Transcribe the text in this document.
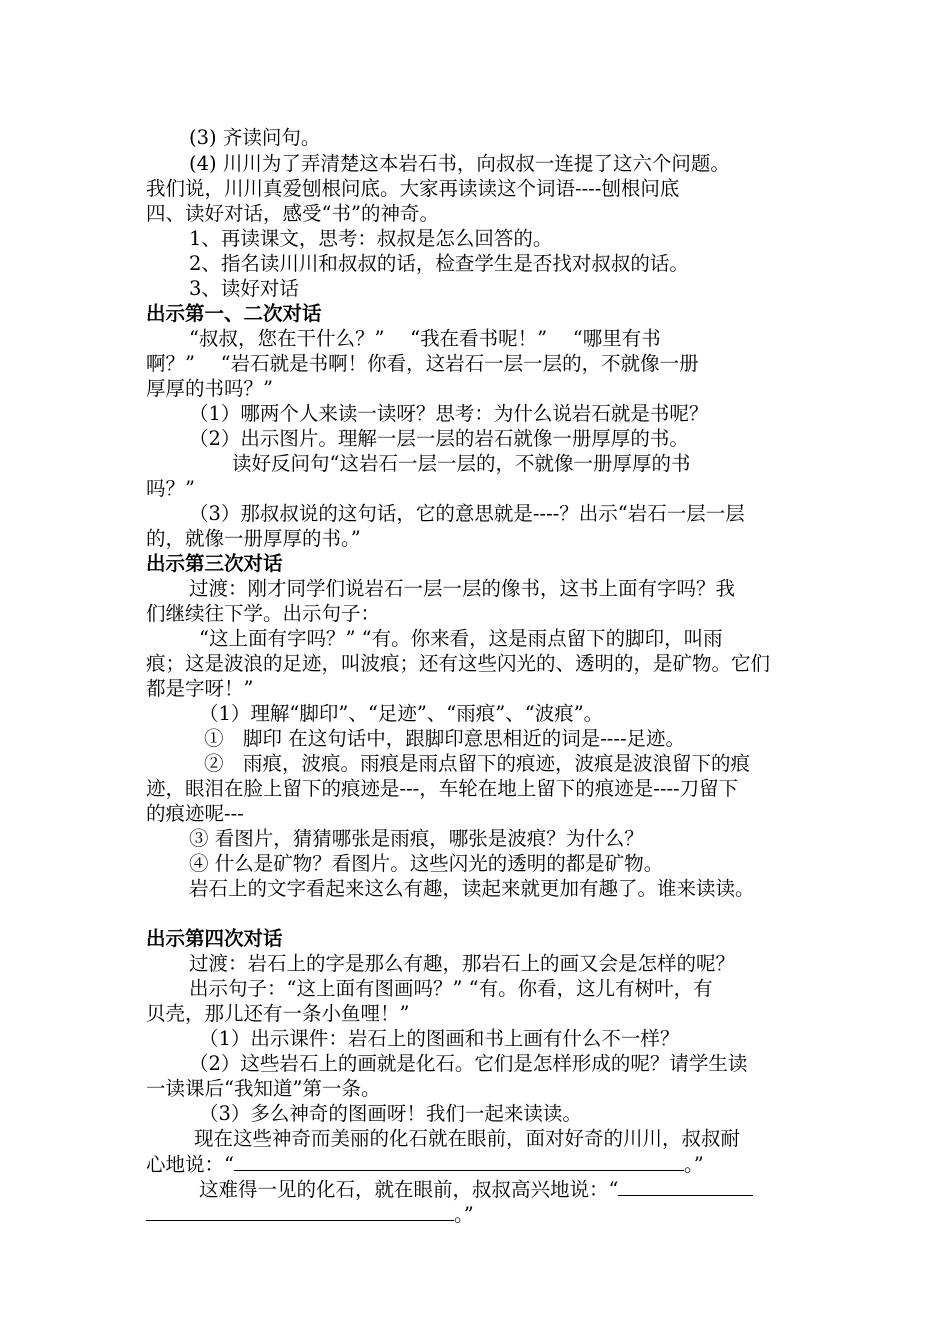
(3) 齐读问句。
(4) 川川为了弄清楚这本岩石书，向叔叔一连提了这六个问题。
我们说，川川真爱刨根问底。大家再读读这个词语----刨根问底
四、读好对话，感受“书”的神奇。
1、再读课文，思考：叔叔是怎么回答的。
2、指名读川川和叔叔的话，检查学生是否找对叔叔的话。
3、读好对话
出示第一、二次对话
“叔叔，您在干什么？”　 “我在看书呢！”　 “哪里有书
啊？”　 “岩石就是书啊！你看，这岩石一层一层的，不就像一册
厚厚的书吗？”
（1）哪两个人来读一读呀？思考：为什么说岩石就是书呢？
（2）出示图片。理解一层一层的岩石就像一册厚厚的书。
读好反问句“这岩石一层一层的，不就像一册厚厚的书
吗？”
（3）那叔叔说的这句话，它的意思就是----？出示“岩石一层一层
的，就像一册厚厚的书。”
出示第三次对话
过渡：刚才同学们说岩石一层一层的像书，这书上面有字吗？我
们继续往下学。出示句子：
“这上面有字吗？” “有。你来看，这是雨点留下的脚印，叫雨
痕；这是波浪的足迹，叫波痕；还有这些闪光的、透明的，是矿物。它们
都是字呀！”
（1）理解“脚印”、“足迹”、“雨痕”、“波痕”。
①　脚印 在这句话中，跟脚印意思相近的词是----足迹。
②　雨痕，波痕。雨痕是雨点留下的痕迹，波痕是波浪留下的痕
迹，眼泪在脸上留下的痕迹是---，车轮在地上留下的痕迹是----刀留下
的痕迹呢---
③ 看图片，猜猜哪张是雨痕，哪张是波痕？为什么？
④ 什么是矿物？看图片。这些闪光的透明的都是矿物。
岩石上的文字看起来这么有趣，读起来就更加有趣了。谁来读读。
出示第四次对话
过渡：岩石上的字是那么有趣，那岩石上的画又会是怎样的呢？
出示句子：“这上面有图画吗？” “有。你看，这儿有树叶，有
贝壳，那儿还有一条小鱼哩！”
（1）出示课件：岩石上的图画和书上画有什么不一样？
（2）这些岩石上的画就是化石。它们是怎样形成的呢？请学生读
一读课后“我知道”第一条。
（3）多么神奇的图画呀！我们一起来读读。
现在这些神奇而美丽的化石就在眼前，面对好奇的川川，叔叔耐
心地说：“	。”
这难得一见的化石，就在眼前，叔叔高兴地说：“
。”
